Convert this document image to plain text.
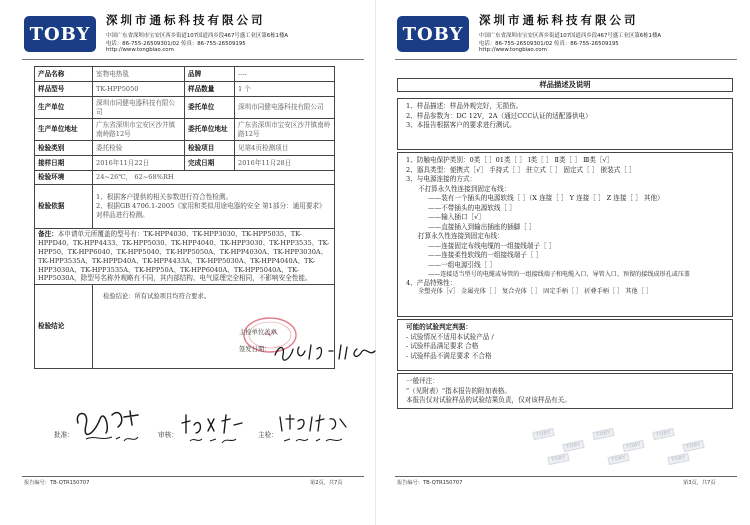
TOBY
深圳市通标科技有限公司
中国广东省深圳市宝安区西乡街道107国道西乡段467号盛工业区第6栋1楼A
电话：86-755-26509301/02 传真：86-755-26509195
http://www.tongbiao.com
产品名称	室物电热毯	品牌	----
样品型号	TK-HPP5050	样品数量	1 个
生产单位	深圳市同健电器科技有限公司	委托单位	深圳市同健电器科技有限公司
生产单位地址	广东省深圳市宝安区沙井镇南岭路12号	委托单位地址	广东省深圳市宝安区沙井镇南岭路12号
检验类别	委托检验	检验项目	见第4页检测项目
接样日期	2016年11月22日	完成日期	2016年11月28日
检验环境	24~26℃， 62~68%RH		
检验依据	1、根据客户提供的相关参数进行符合性检测。
2、根据GB 4706.1-2005《家用和类似用途电器的安全 第1部分：通用要求》对样品进行检测。		

备注：本申请单元所覆盖的型号有：TK-HPP4030、TK-HPP3030、TK-HPP5035、TK-HPPD40、TK-HPP4433、TK-HPP5030、TK-HPP4040、TK-HPP3030、TK-HPP3535、TK-HPP50、TK-HPP6040、TK-HPP5040、TK-HPP5050A、TK-HPP4030A、TK-HPP3030A、TK-HPP3535A、TK-HPPD40A、TK-HPP4433A、TK-HPP5030A、TK-HPP4040A、TK-HPP3030A、TK-HPP3535A、TK-HPP50A、TK-HPP6040A、TK-HPP5040A、TK-HPP5030A，除型号名称外观略有不同，其内部结构、电气原理完全相同，不影响安全性能。			
检验结论	检验结论：所有试验项目均符合要求。
主检单位盖章
签发日期：		
批准：	审核：	主检：
报告编号：TB-QTR150707	第2页，共7页
TOBY
深圳市通标科技有限公司
中国广东省深圳市宝安区西乡街道107国道西乡段467号盛工业区第6栋1楼A
电话：86-755-26509301/02 传真：86-755-26509195
http://www.tongbiao.com
样品描述及说明
1、样品描述：样品外观完好，无损伤。
2、样品参数为：DC 12V，2A（通过CCC认证的适配器供电）
3、本报告根据客户的要求进行测试。
1、防触电保护类别：0类［ ］01类［ ］ Ⅰ类［ ］ Ⅱ类［ ］ Ⅲ类［√］
2、器具类型：便携式［√］ 手持式［ ］ 驻立式［ ］ 固定式［ ］ 嵌装式［ ］
3、与电源连接的方式：
不打算永久性连接到固定布线：
——装有一个插头的电源软线［ ］（X 连接［ ］ Y 连接［ ］ Z 连接［ ］ 其他）
——不带插头的电源软线［ ］
——输入插口［√］
——直接插入到输出插座的插脚［ ］
打算永久性连接到固定布线：
——连接固定布线电缆的一组接线端子［ ］
——连接柔性软线的一组接线端子［ ］
——一组电源引线［ ］
——连接适当型号的电缆或导管的一组接线端子和电缆入口、导管入口、预留的接线成形孔或压盖
4、产品特殊性：
全塑壳体［√］ 金属壳体［ ］ 复合壳体［ ］ 固定手柄［ ］ 折叠手柄［ ］ 其他［ ］
可能的试验判定判据：
- 试验情况不适用本试验产品 /
- 试验样品满足要求 合格
- 试验样品不满足要求 不合格
一般评注：
"（见附表）"指本报告的附加表格。
本报告仅对试验样品的试验结果负责，仅对该样品有关。
TOBY
TOBY
TOBY
TOBY
TOBY
TOBY
TOBY	TOBY	TOBY
报告编号：TB-QTR150707	第3页，共7页
